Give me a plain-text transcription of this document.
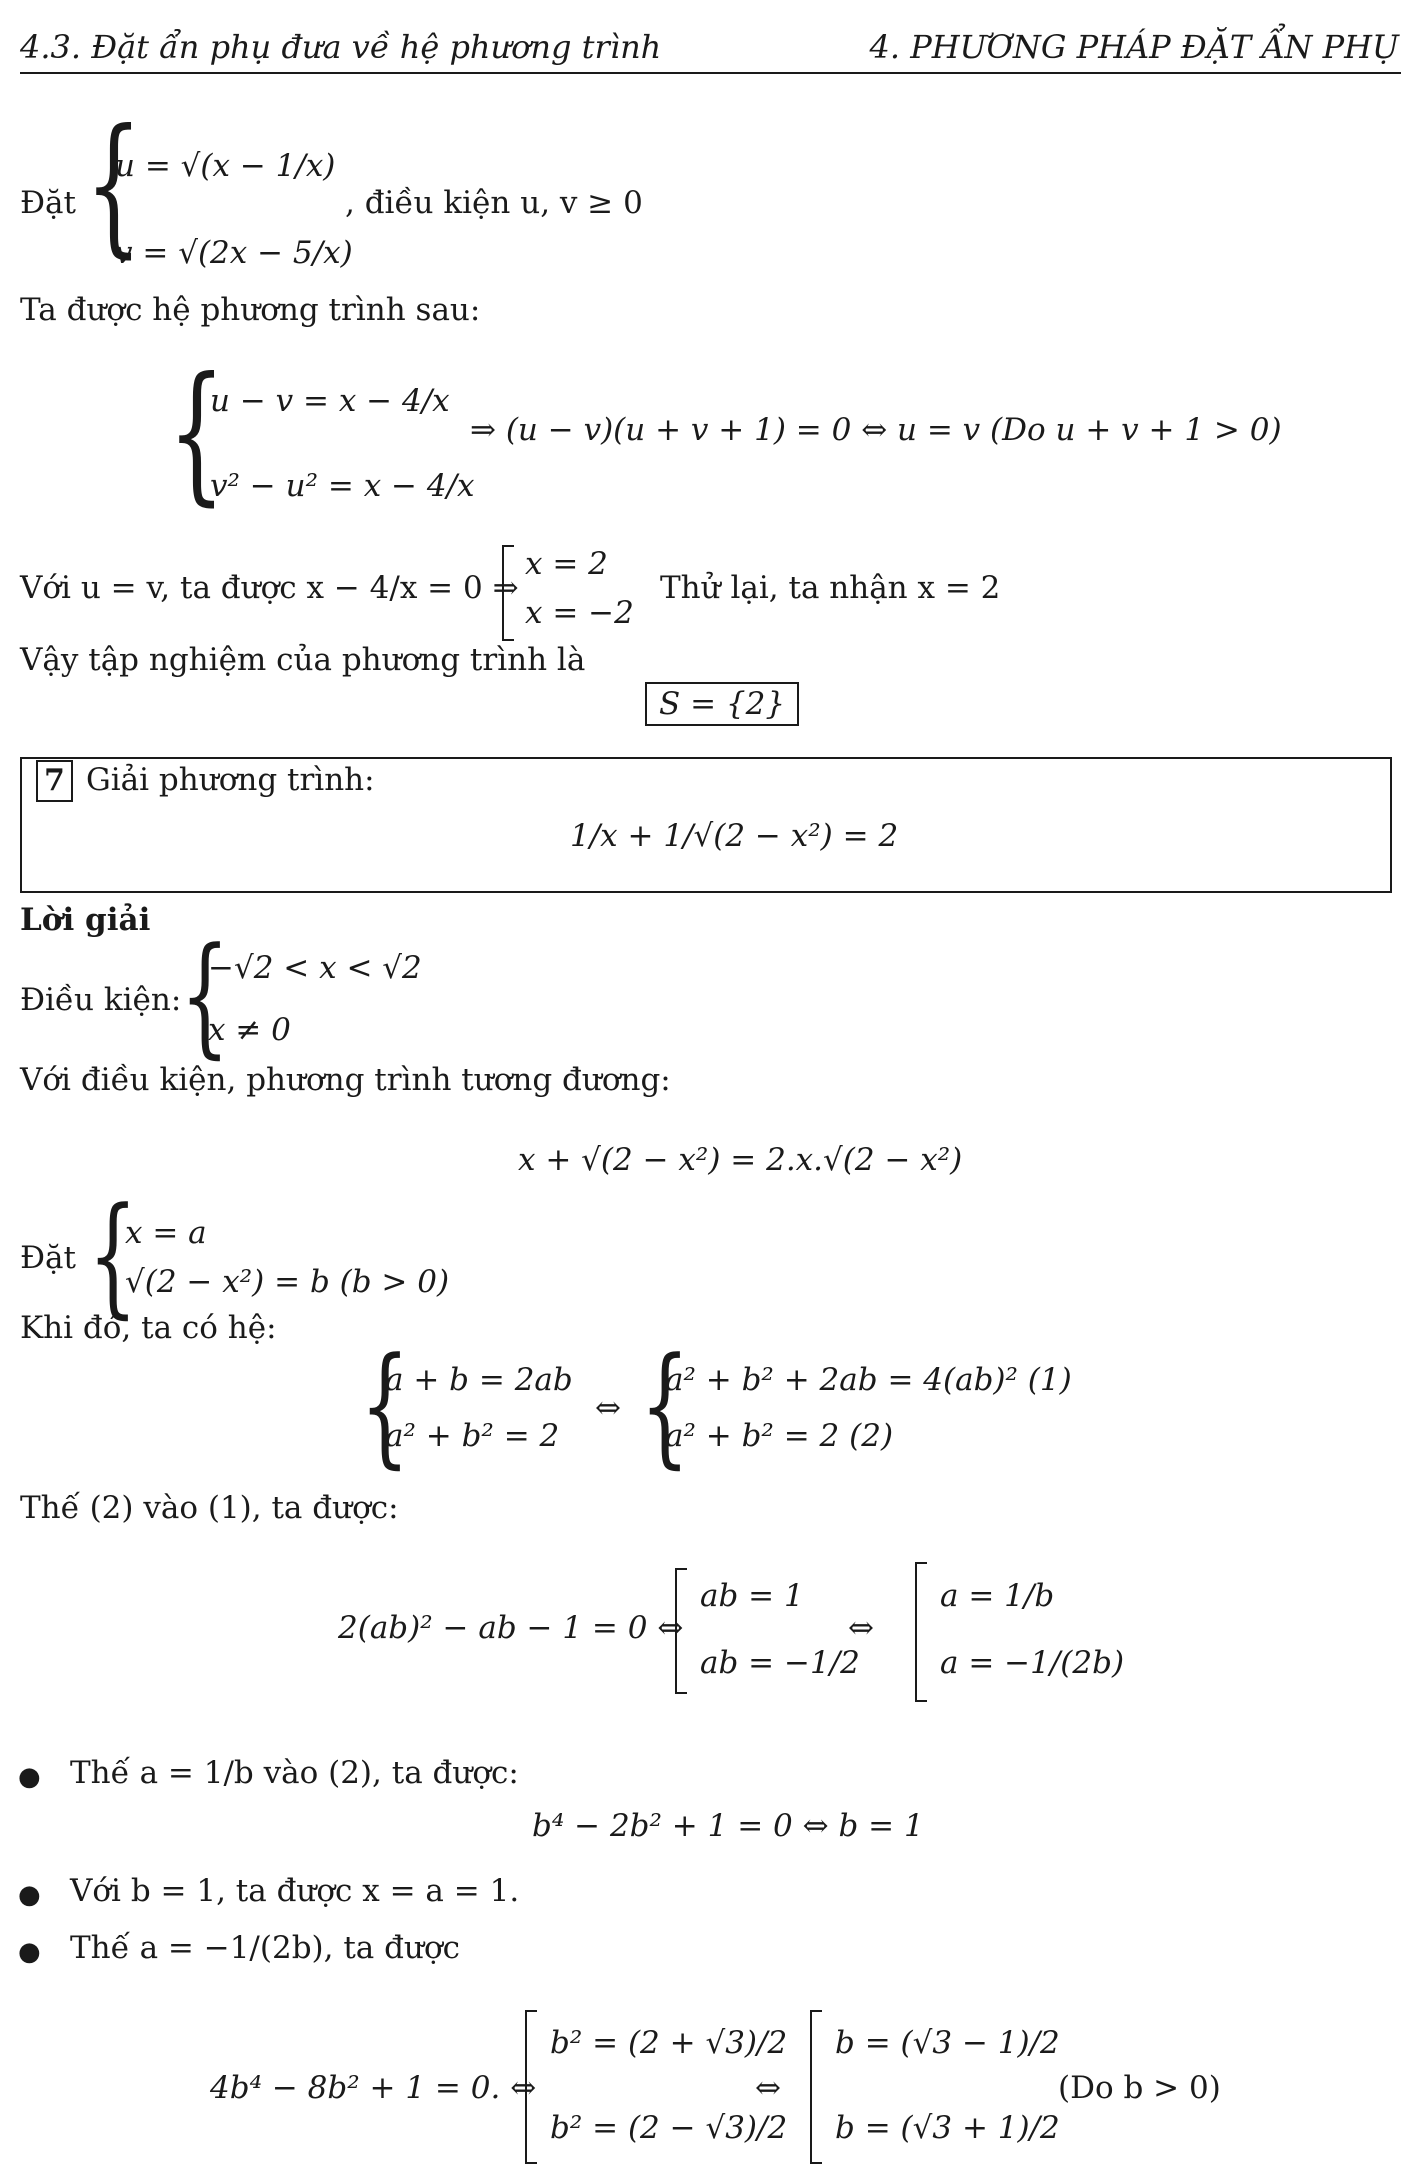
4.3. Đặt ẩn phụ đưa về hệ phương trình	4. PHƯƠNG PHÁP ĐẶT ẨN PHỤ
Đặt {
u = √(x − 1/x)
v = √(2x − 5/x)
, điều kiện u, v ≥ 0
Ta được hệ phương trình sau:
{
u − v = x − 4/x
v² − u² = x − 4/x
⇒ (u − v)(u + v + 1) = 0 ⇔ u = v (Do u + v + 1 > 0)
Với u = v, ta được x − 4/x = 0 ⇒
x = 2
x = −2
Thử lại, ta nhận x = 2
Vậy tập nghiệm của phương trình là
S = {2}
7 Giải phương trình:
1/x + 1/√(2 − x²) = 2
Lời giải
Điều kiện:
{
−√2 < x < √2
x ≠ 0
Với điều kiện, phương trình tương đương:
x + √(2 − x²) = 2.x.√(2 − x²)
Đặt {
x = a
√(2 − x²) = b (b > 0)
Khi đó, ta có hệ:
{
a + b = 2ab
a² + b² = 2
⇔ {
a² + b² + 2ab = 4(ab)² (1)
a² + b² = 2 (2)
Thế (2) vào (1), ta được:
2(ab)² − ab − 1 = 0 ⇔
ab = 1
ab = −1/2
⇔
a = 1/b
a = −1/(2b)
● Thế a = 1/b vào (2), ta được:
b⁴ − 2b² + 1 = 0 ⇔ b = 1
● Với b = 1, ta được x = a = 1.
● Thế a = −1/(2b), ta được
4b⁴ − 8b² + 1 = 0. ⇔
b² = (2 + √3)/2
b² = (2 − √3)/2
⇔
b = (√3 − 1)/2
b = (√3 + 1)/2
(Do b > 0)
